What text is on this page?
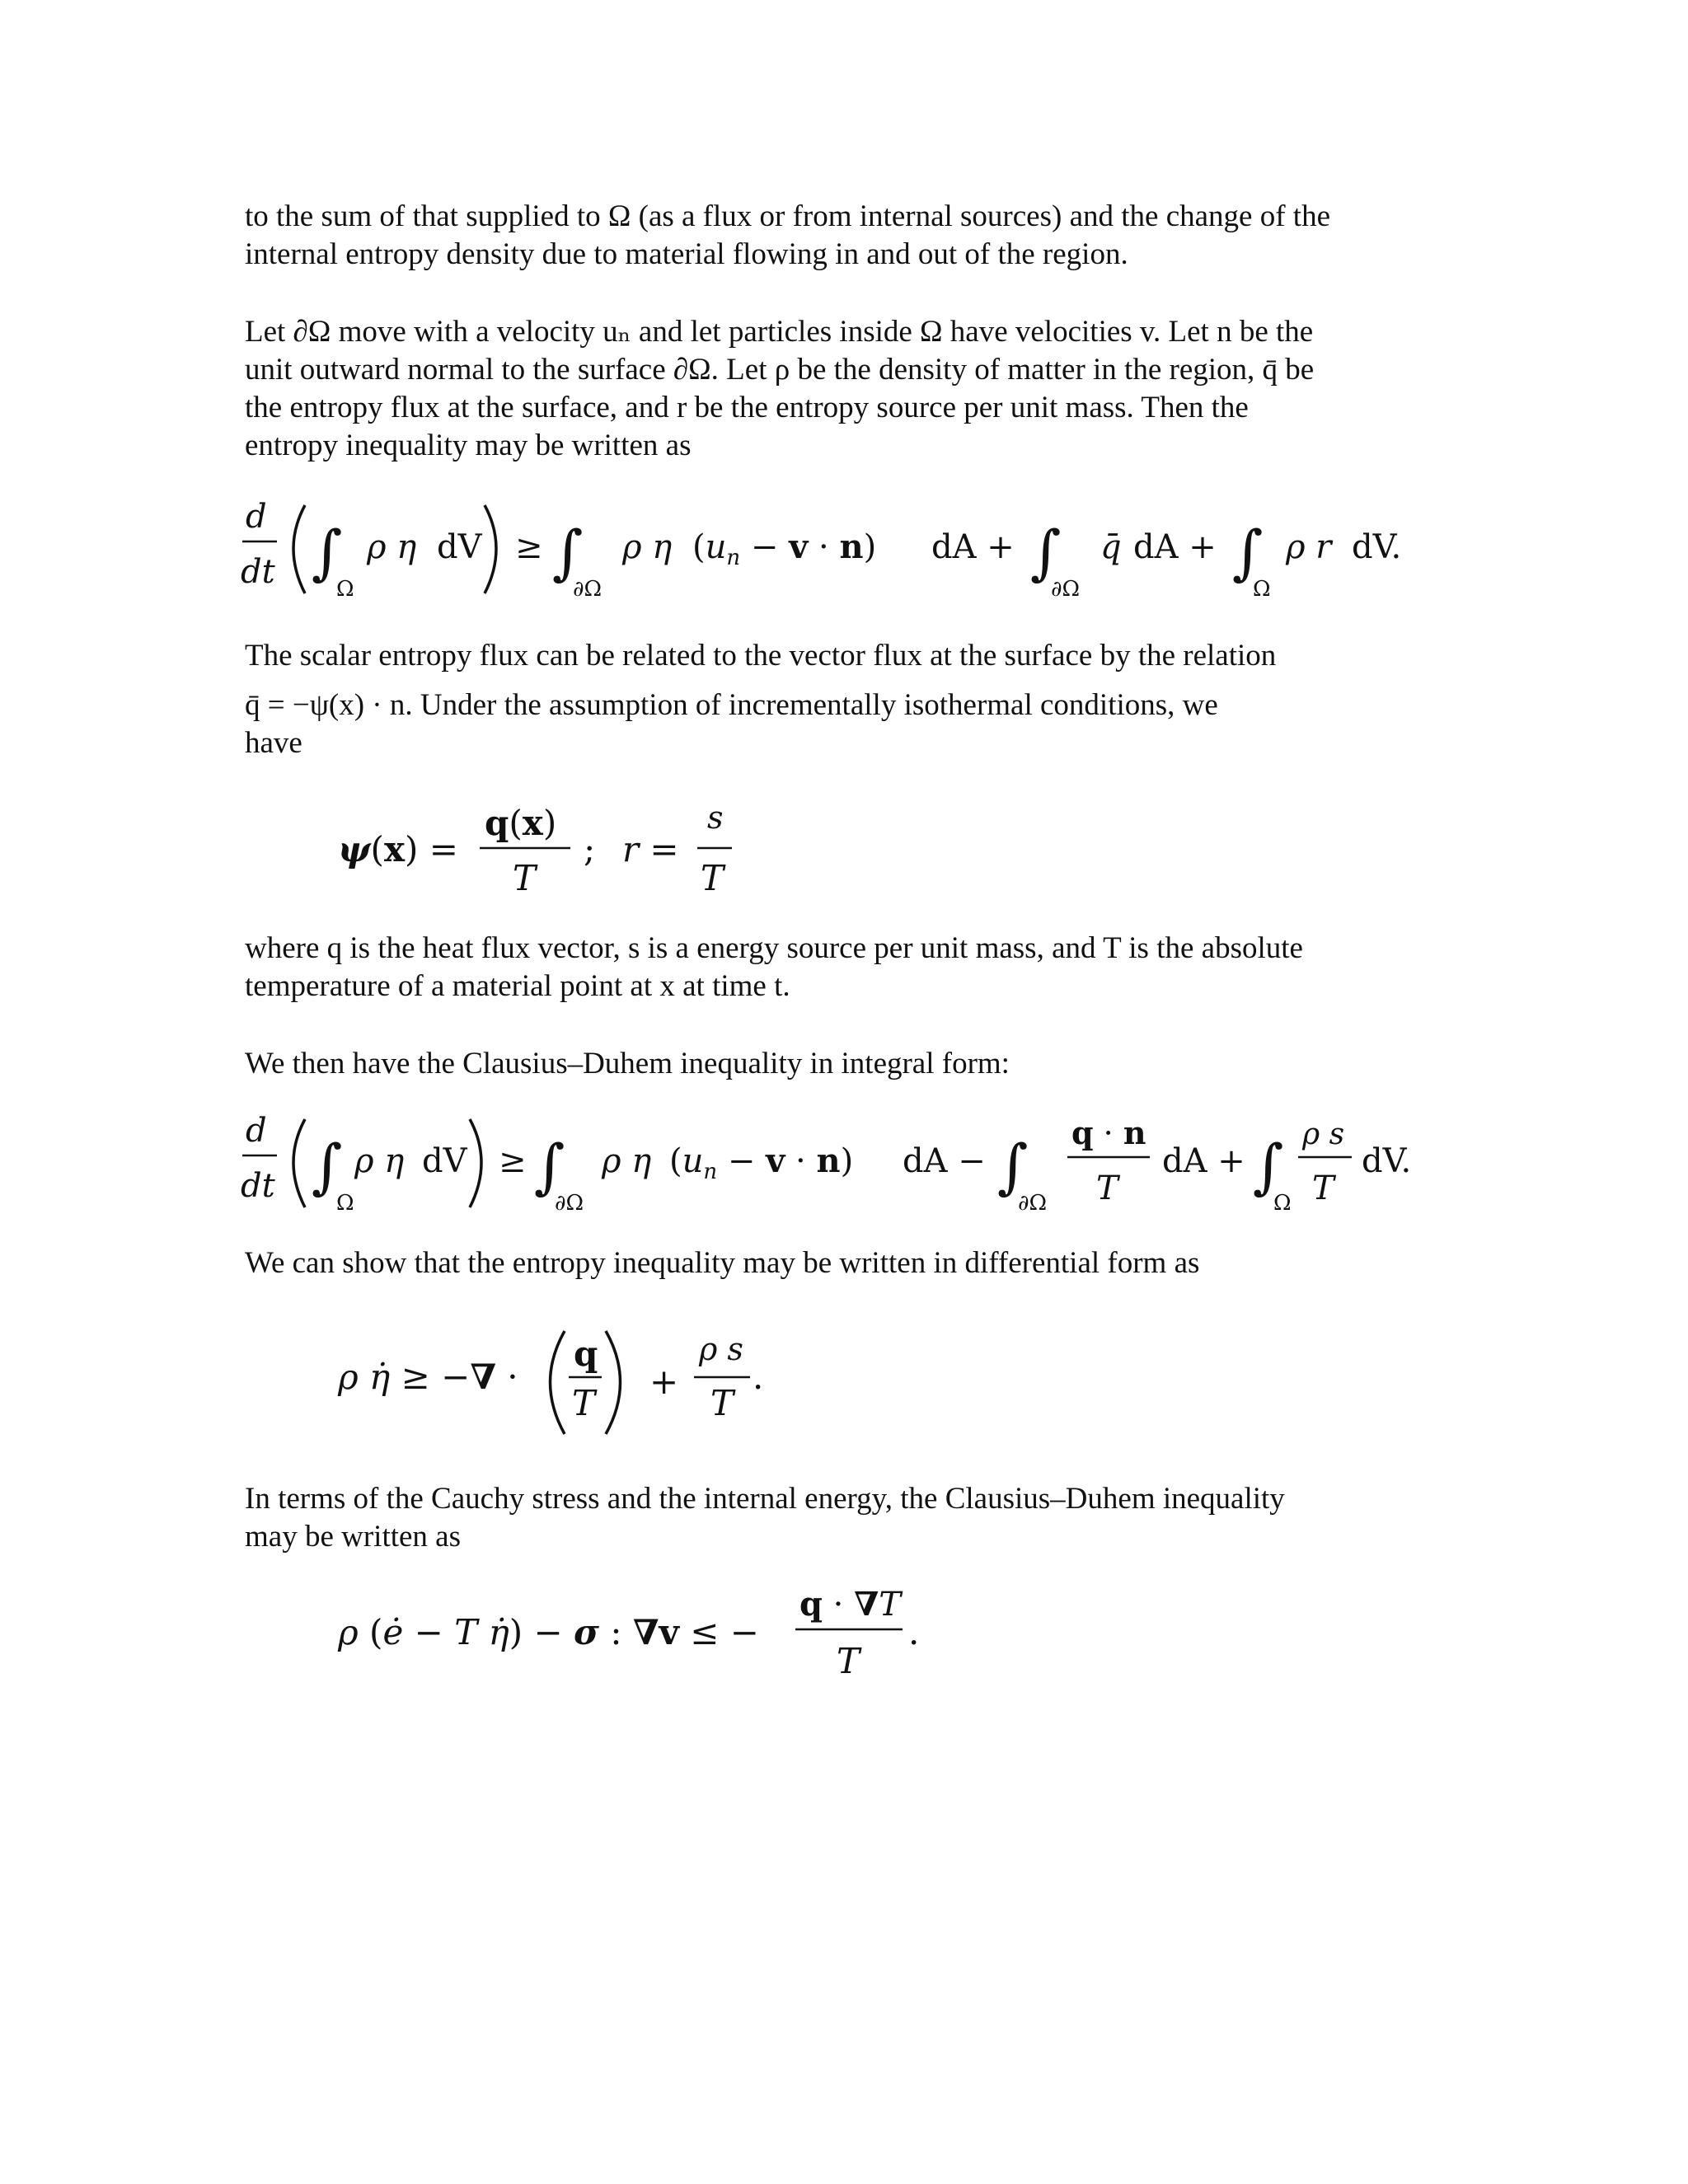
to the sum of that supplied to Ω (as a flux or from internal sources) and the change of the
internal entropy density due to material flowing in and out of the region.
Let ∂Ω move with a velocity uₙ and let particles inside Ω have velocities v. Let n be the
unit outward normal to the surface ∂Ω. Let ρ be the density of matter in the region, q̄ be
the entropy flux at the surface, and r be the entropy source per unit mass. Then the
entropy inequality may be written as
d
dt ∫
Ω
ρ η dV ≥ ∫
∂Ω
ρ η $(u_n - v \cdot n)$ dA + ∫
∂Ω
q̄ dA + ∫
Ω
ρ r dV.
The scalar entropy flux can be related to the vector flux at the surface by the relation
q̄ = −ψ(x) · n. Under the assumption of incrementally isothermal conditions, we
have
ψ(x) =
q(x)
T
; r =
s
T
where q is the heat flux vector, s is a energy source per unit mass, and T is the absolute
temperature of a material point at x at time t.
We then have the Clausius–Duhem inequality in integral form:
d
dt ∫
Ω
ρ η dV ≥ ∫
∂Ω
ρ η $(u_n - v \cdot n)$ dA − ∫
∂Ω
q · n
T
dA + ∫
Ω
ρ s
T
dV.
We can show that the entropy inequality may be written in differential form as
ρ η̇ ≥ −∇ ·
q
T
+
ρ s
T
.
In terms of the Cauchy stress and the internal energy, the Clausius–Duhem inequality
may be written as
ρ (ė − T η̇) − σ : ∇v ≤ −
q · ∇T
T
.
